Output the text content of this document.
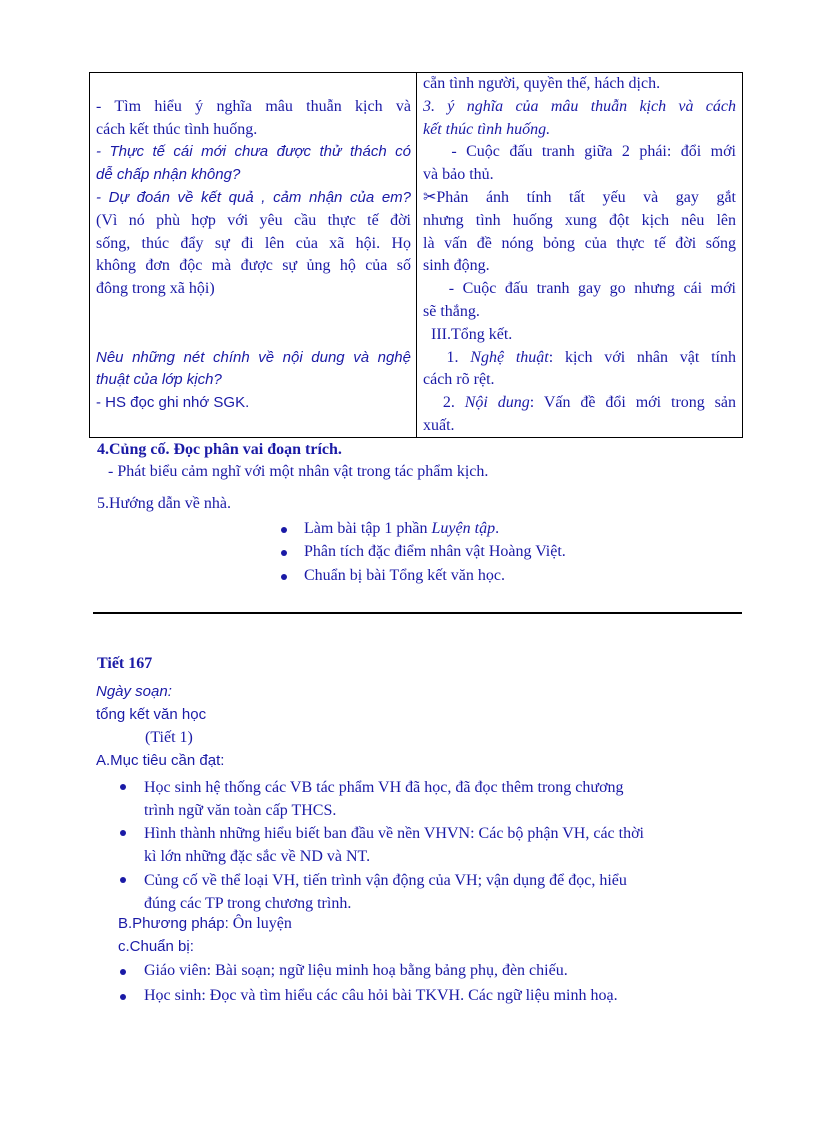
- Tìm hiểu ý nghĩa mâu thuẫn kịch và
cách kết thúc tình huống.
- Thực tế cái mới chưa được thử thách có
dễ chấp nhận không?
- Dự đoán về kết quả , cảm nhận của em?
(Vì nó phù hợp với yêu cầu thực tế đời
sống, thúc đẩy sự đi lên của xã hội. Họ
không đơn độc mà được sự ủng hộ của số
đông trong xã hội)
Nêu những nét chính về nội dung và nghệ
thuật của lớp kịch?
- HS đọc ghi nhớ SGK.
cẵn tình người, quyền thế, hách dịch.
3. ý nghĩa của mâu thuẫn kịch và cách
kết thúc tình huống.
- Cuộc đấu tranh giữa 2 phái: đổi mới
và bảo thủ.
✂Phản ánh tính tất yếu và gay gắt
nhưng tình huống xung đột kịch nêu lên
là vấn đề nóng bỏng của thực tế đời sống
sinh động.
- Cuộc đấu tranh gay go nhưng cái mới
sẽ thắng.
III.Tổng kết.
1. Nghệ thuật: kịch với nhân vật tính
cách rõ rệt.
2. Nội dung: Vấn đề đổi mới trong sản
xuất.
4.Củng cố. Đọc phân vai đoạn trích.
- Phát biểu cảm nghĩ với một nhân vật trong tác phẩm kịch.
5.Hướng dẫn về nhà.
Làm bài tập 1 phần Luyện tập.
Phân tích đặc điểm nhân vật Hoàng Việt.
Chuẩn bị bài Tổng kết văn học.
Tiết 167
Ngày soạn:
tổng kết văn học
(Tiết 1)
A.Mục tiêu cần đạt:
Học sinh hệ thống các VB tác phẩm VH đã học, đã đọc thêm trong chương
trình ngữ văn toàn cấp THCS.
Hình thành những hiểu biết ban đầu về nền VHVN: Các bộ phận VH, các thời
kì lớn những đặc sắc về ND và NT.
Củng cố về thể loại VH, tiến trình vận động của VH; vận dụng để đọc, hiểu
đúng các TP trong chương trình.
B.Phương pháp: Ôn luyện
c.Chuẩn bị:
Giáo viên: Bài soạn; ngữ liệu minh hoạ bằng bảng phụ, đèn chiếu.
Học sinh: Đọc và tìm hiểu các câu hỏi bài TKVH. Các ngữ liệu minh hoạ.
